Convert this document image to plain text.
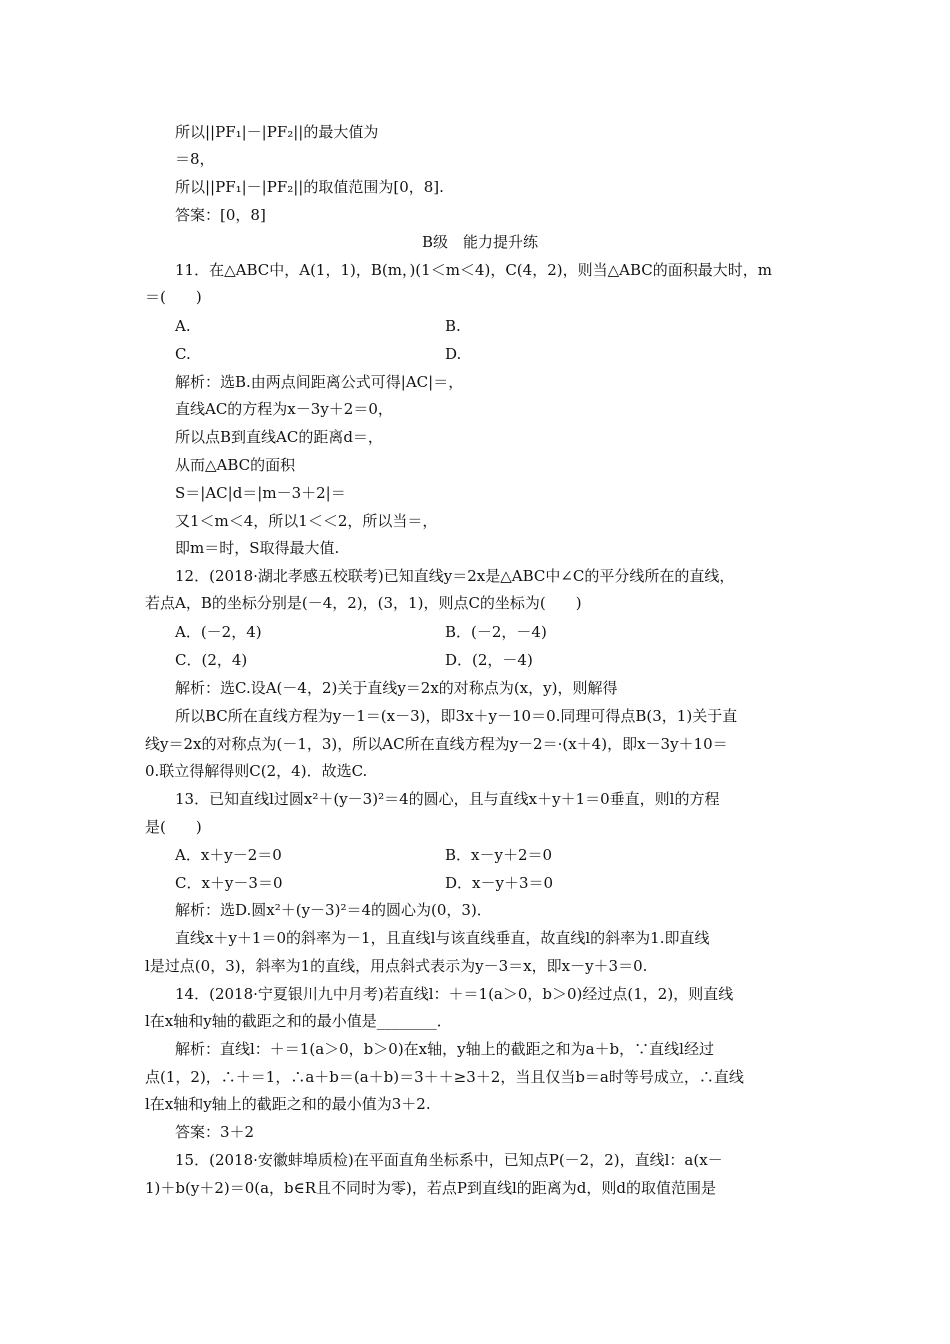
所以||PF₁|－|PF₂||的最大值为
＝8，
所以||PF₁|－|PF₂||的取值范围为[0，8].
答案：[0，8]
B级　能力提升练
11．在△ABC中，A(1，1)，B(m，)(1＜m＜4)，C(4，2)，则当△ABC的面积最大时，m
＝(　　)
A.	B.
C.	D.
解析：选B.由两点间距离公式可得|AC|＝，
直线AC的方程为x－3y＋2＝0，
所以点B到直线AC的距离d＝，
从而△ABC的面积
S＝|AC|d＝|m－3＋2|＝
又1＜m＜4，所以1＜＜2，所以当＝，
即m＝时，S取得最大值.
12．(2018·湖北孝感五校联考)已知直线y＝2x是△ABC中∠C的平分线所在的直线，
若点A，B的坐标分别是(－4，2)，(3，1)，则点C的坐标为(　　)
A．(－2，4)	B．(－2，－4)
C．(2，4)	D．(2，－4)
解析：选C.设A(－4，2)关于直线y＝2x的对称点为(x，y)，则解得
所以BC所在直线方程为y－1＝(x－3)，即3x＋y－10＝0.同理可得点B(3，1)关于直
线y＝2x的对称点为(－1，3)，所以AC所在直线方程为y－2＝·(x＋4)，即x－3y＋10＝
0.联立得解得则C(2，4)．故选C.
13．已知直线l过圆x²＋(y－3)²＝4的圆心，且与直线x＋y＋1＝0垂直，则l的方程
是(　　)
A．x＋y－2＝0	B．x－y＋2＝0
C．x＋y－3＝0	D．x－y＋3＝0
解析：选D.圆x²＋(y－3)²＝4的圆心为(0，3)．
直线x＋y＋1＝0的斜率为－1，且直线l与该直线垂直，故直线l的斜率为1.即直线
l是过点(0，3)，斜率为1的直线，用点斜式表示为y－3＝x，即x－y＋3＝0.
14．(2018·宁夏银川九中月考)若直线l：＋＝1(a＞0，b＞0)经过点(1，2)，则直线
l在x轴和y轴的截距之和的最小值是________．
解析：直线l：＋＝1(a＞0，b＞0)在x轴，y轴上的截距之和为a＋b，∵直线l经过
点(1，2)，∴＋＝1，∴a＋b＝(a＋b)＝3＋＋≥3＋2，当且仅当b＝a时等号成立，∴直线
l在x轴和y轴上的截距之和的最小值为3＋2.
答案：3＋2
15．(2018·安徽蚌埠质检)在平面直角坐标系中，已知点P(－2，2)，直线l：a(x－
1)＋b(y＋2)＝0(a，b∈R且不同时为零)，若点P到直线l的距离为d，则d的取值范围是
